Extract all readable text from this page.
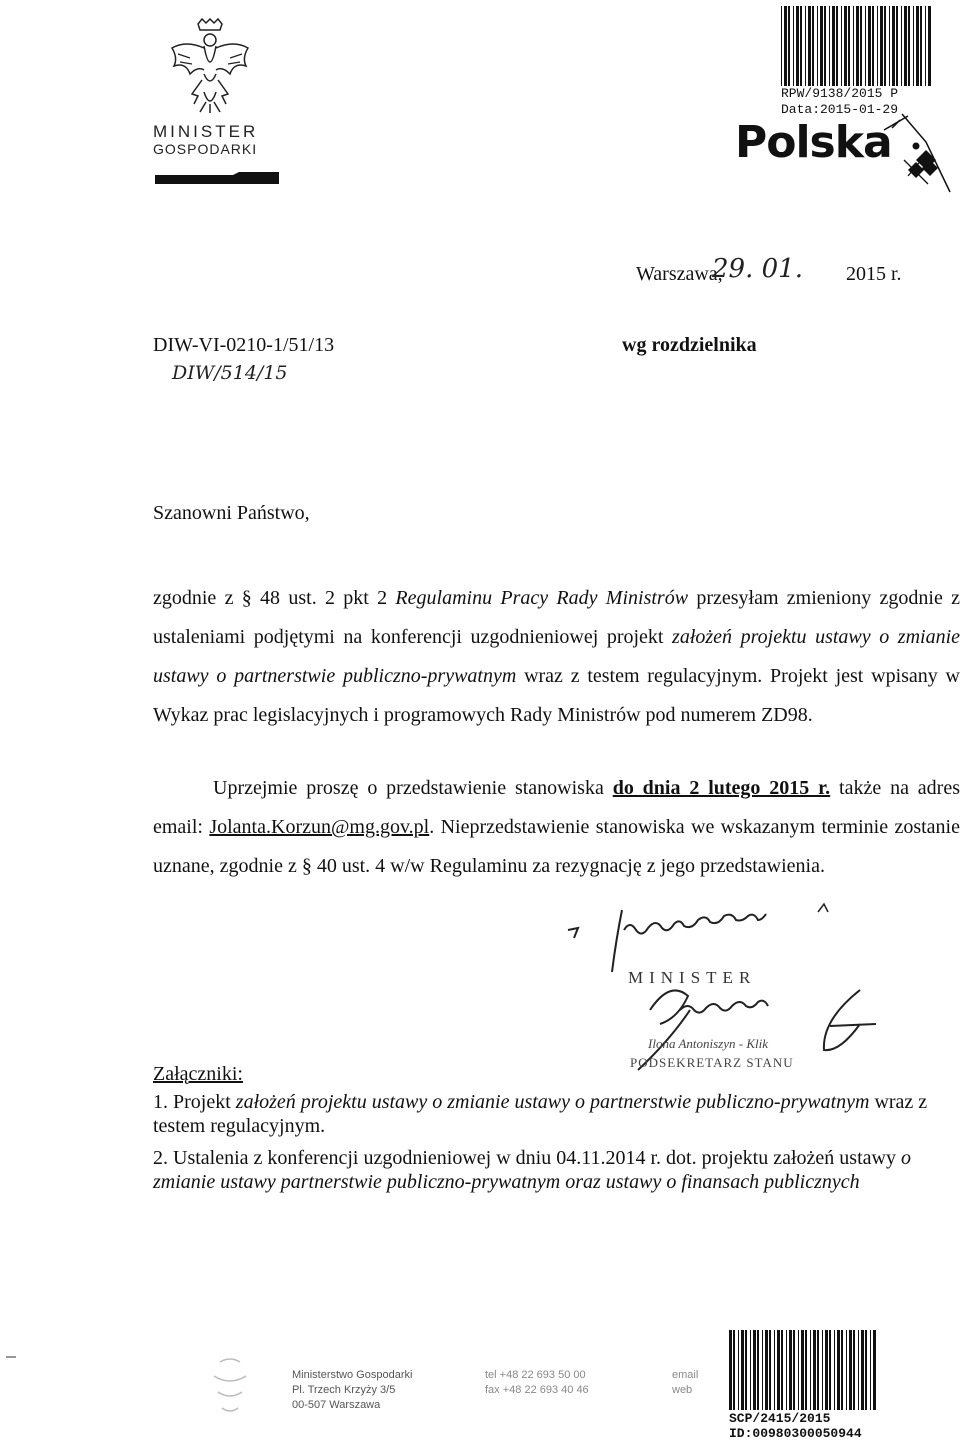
MINISTER
GOSPODARKI
RPW/9138/2015 P
Data:2015-01-29
Polska
Warszawa,
29. 01. 2015 r.
DIW-VI-0210-1/51/13
DIW/514/15
wg rozdzielnika
Szanowni Państwo,
zgodnie z § 48 ust. 2 pkt 2 Regulaminu Pracy Rady Ministrów przesyłam zmieniony zgodnie z ustaleniami podjętymi na konferencji uzgodnieniowej projekt założeń projektu ustawy o zmianie ustawy o partnerstwie publiczno-prywatnym wraz z testem regulacyjnym. Projekt jest wpisany w Wykaz prac legislacyjnych i programowych Rady Ministrów pod numerem ZD98.
Uprzejmie proszę o przedstawienie stanowiska do dnia 2 lutego 2015 r. także na adres email: Jolanta.Korzun@mg.gov.pl. Nieprzedstawienie stanowiska we wskazanym terminie zostanie uznane, zgodnie z § 40 ust. 4 w/w Regulaminu za rezygnację z jego przedstawienia.
MINISTER
Ilona Antoniszyn - Klik
PODSEKRETARZ STANU
Załączniki:
1. Projekt założeń projektu ustawy o zmianie ustawy o partnerstwie publiczno-prywatnym wraz z testem regulacyjnym.
2. Ustalenia z konferencji uzgodnieniowej w dniu 04.11.2014 r. dot. projektu założeń ustawy o zmianie ustawy partnerstwie publiczno-prywatnym oraz ustawy o finansach publicznych
Ministerstwo Gospodarki
Pl. Trzech Krzyży 3/5
00-507 Warszawa
tel +48 22 693 50 00
fax +48 22 693 40 46
email
web
SCP/2415/2015
ID:00980300050944
